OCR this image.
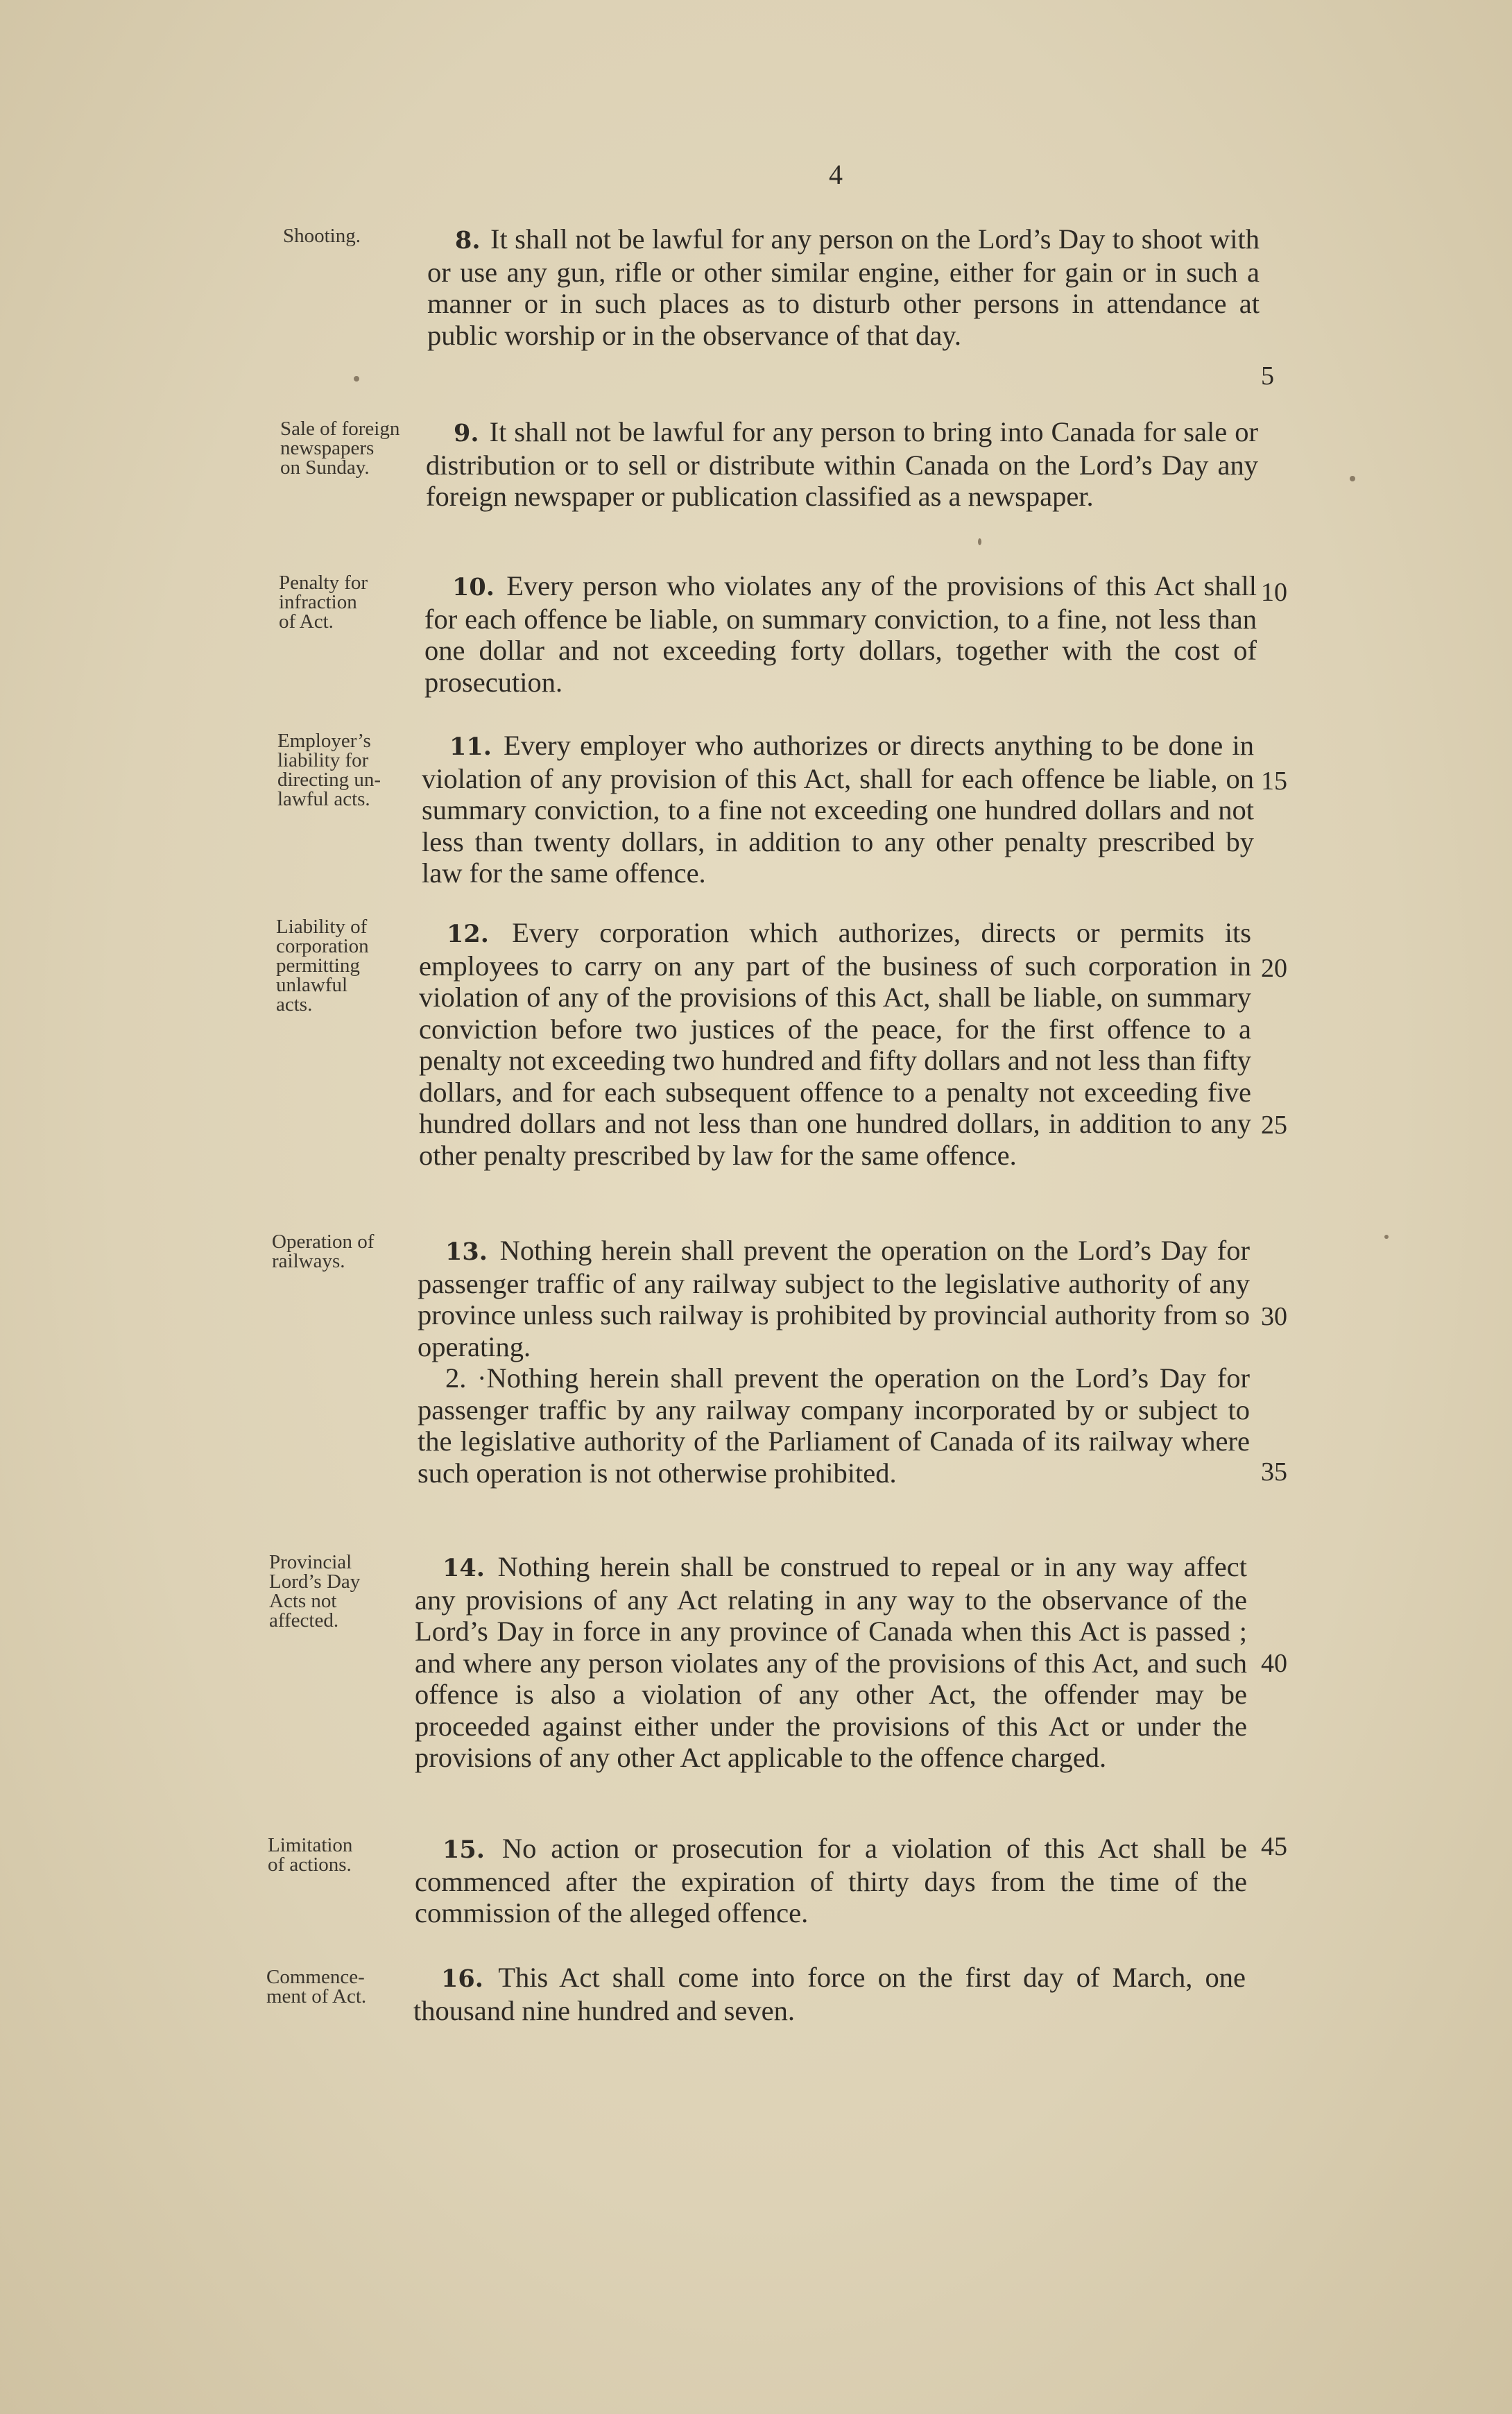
4
Shooting.	8. It shall not be lawful for any person on the Lord’s Day to shoot with or use any gun, rifle or other similar engine, either for gain or in such a manner or in such places as to disturb other persons in attendance at public worship or in the observance of that day.

Sale of foreign
newspapers
on Sunday.

9. It shall not be lawful for any person to bring into Canada for sale or distribution or to sell or distribute within Canada on the Lord’s Day any foreign newspaper or publication classified as a newspaper.

Penalty for
infraction
of Act.

10. Every person who violates any of the provisions of this Act shall for each offence be liable, on summary conviction, to a fine, not less than one dollar and not exceeding forty dollars, together with the cost of prosecution.

Employer’s
liability for
directing un-
lawful acts.

11. Every employer who authorizes or directs anything to be done in violation of any provision of this Act, shall for each offence be liable, on summary conviction, to a fine not exceeding one hundred dollars and not less than twenty dollars, in addition to any other penalty prescribed by law for the same offence.

Liability of
corporation
permitting
unlawful
acts.

12. Every corporation which authorizes, directs or permits its employees to carry on any part of the business of such corporation in violation of any of the provisions of this Act, shall be liable, on summary conviction before two justices of the peace, for the first offence to a penalty not exceeding two hundred and fifty dollars and not less than fifty dollars, and for each subsequent offence to a penalty not exceeding five hundred dollars and not less than one hundred dollars, in addition to any other penalty prescribed by law for the same offence.

Operation of
railways.	13. Nothing herein shall prevent the operation on the Lord’s Day for passenger traffic of any railway subject to the legislative authority of any province unless such railway is prohibited by provincial authority from so operating.

2. ·Nothing herein shall prevent the operation on the Lord’s Day for passenger traffic by any railway company incorporated by or subject to the legislative authority of the Parliament of Canada of its railway where such operation is not otherwise prohibited.

Provincial
Lord’s Day
Acts not
affected.

14. Nothing herein shall be construed to repeal or in any way affect any provisions of any Act relating in any way to the observance of the Lord’s Day in force in any province of Canada when this Act is passed ; and where any person violates any of the provisions of this Act, and such offence is also a violation of any other Act, the offender may be proceeded against either under the provisions of this Act or under the provisions of any other Act applicable to the offence charged.

Limitation
of actions.

15. No action or prosecution for a violation of this Act shall be commenced after the expiration of thirty days from the time of the commission of the alleged offence.

Commence-
ment of Act.

16. This Act shall come into force on the first day of March, one thousand nine hundred and seven.

5
10
15
20
25
30
35
40
45
